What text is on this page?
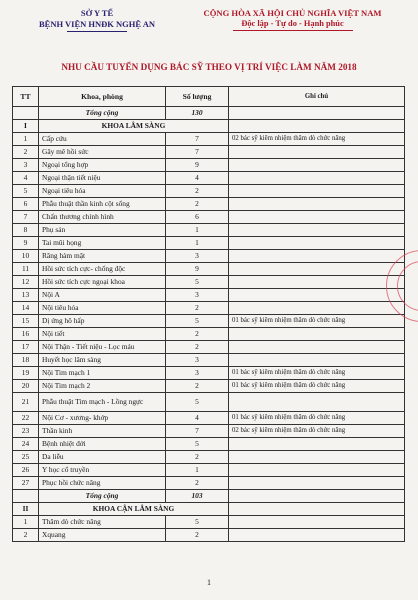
SỞ Y TẾ
BỆNH VIỆN HNĐK NGHỆ AN
CỘNG HÒA XÃ HỘI CHỦ NGHĨA VIỆT NAM
Độc lập - Tự do - Hạnh phúc
NHU CẦU TUYỂN DỤNG BÁC SỸ THEO VỊ TRÍ VIỆC LÀM NĂM 2018
TT	Khoa, phòng	Số lượng	Ghi chú
	Tổng cộng	130	
I	KHOA LÂM SÀNG		
1	Cấp cứu	7	02 bác sỹ kiêm nhiệm thăm dò chức năng
2	Gây mê hồi sức	7	
3	Ngoại tổng hợp	9	
4	Ngoại thận tiết niệu	4	
5	Ngoại tiêu hóa	2	
6	Phẫu thuật thần kinh cột sống	2	
7	Chấn thương chỉnh hình	6	
8	Phụ sản	1	
9	Tai mũi họng	1	
10	Răng hàm mặt	3	
11	Hồi sức tích cực- chống độc	9	
12	Hồi sức tích cực ngoại khoa	5	
13	Nội A	3	
14	Nội tiêu hóa	2	
15	Dị ứng hô hấp	5	01 bác sỹ kiêm nhiệm thăm dò chức năng
16	Nội tiết	2	
17	Nội Thận - Tiết niệu - Lọc máu	2	
18	Huyết học lâm sàng	3	
19	Nội Tim mạch 1	3	01 bác sỹ kiêm nhiệm thăm dò chức năng
20	Nội Tim mạch 2	2	01 bác sỹ kiêm nhiệm thăm dò chức năng
21	Phẫu thuật Tim mạch - Lồng ngực	5	
22	Nội Cơ - xương- khớp	4	01 bác sỹ kiêm nhiệm thăm dò chức năng
23	Thần kinh	7	02 bác sỹ kiêm nhiệm thăm dò chức năng
24	Bệnh nhiệt đới	5	
25	Da liễu	2	
26	Y học cổ truyền	1	
27	Phục hồi chức năng	2	
	Tổng cộng	103	
II	KHOA CẬN LÂM SÀNG		
1	Thăm dò chức năng	5	
2	Xquang	2	
1
